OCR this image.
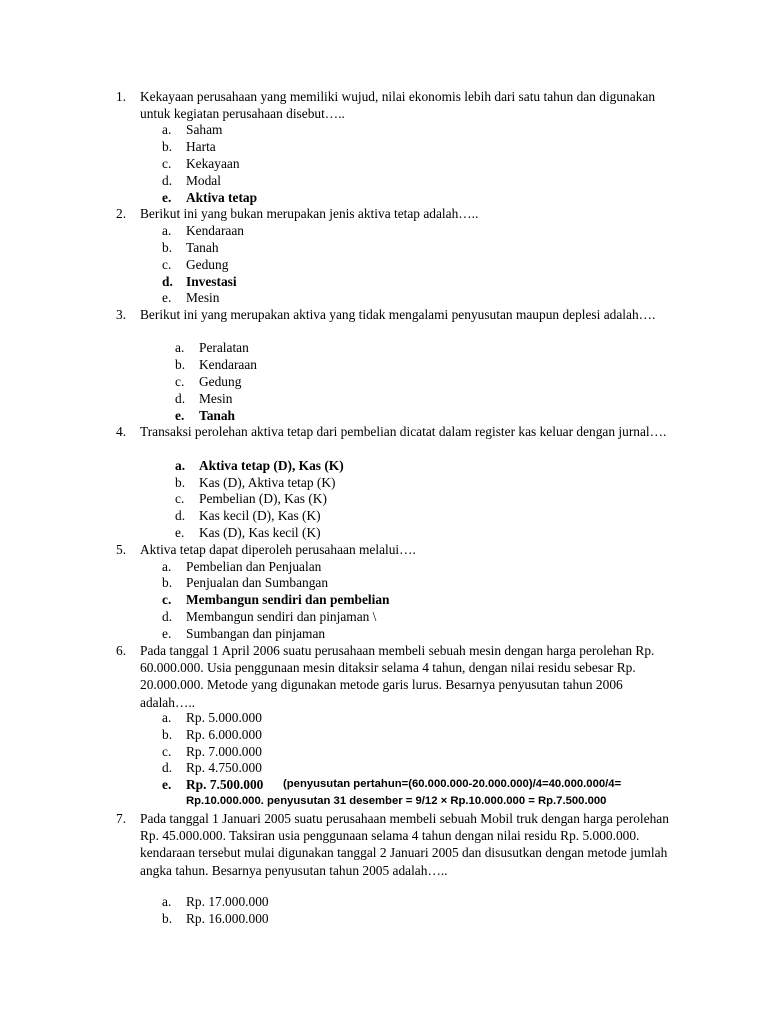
1. Kekayaan perusahaan yang memiliki wujud, nilai ekonomis lebih dari satu tahun dan digunakan untuk kegiatan perusahaan disebut…..
a. Saham
b. Harta
c. Kekayaan
d. Modal
e. Aktiva tetap
2. Berikut ini yang bukan merupakan jenis aktiva tetap adalah…..
a. Kendaraan
b. Tanah
c. Gedung
d. Investasi
e. Mesin
3. Berikut ini yang merupakan aktiva yang tidak mengalami penyusutan maupun deplesi adalah….
a. Peralatan
b. Kendaraan
c. Gedung
d. Mesin
e. Tanah
4. Transaksi perolehan aktiva tetap dari pembelian dicatat dalam register kas keluar dengan jurnal….
a. Aktiva tetap (D), Kas (K)
b. Kas (D), Aktiva tetap (K)
c. Pembelian (D), Kas (K)
d. Kas kecil (D), Kas (K)
e. Kas (D), Kas kecil (K)
5. Aktiva tetap dapat diperoleh perusahaan melalui….
a. Pembelian dan Penjualan
b. Penjualan dan Sumbangan
c. Membangun sendiri dan pembelian
d. Membangun sendiri dan pinjaman \
e. Sumbangan dan pinjaman
6. Pada tanggal 1 April 2006 suatu perusahaan membeli sebuah mesin dengan harga perolehan Rp. 60.000.000. Usia penggunaan mesin ditaksir selama 4 tahun, dengan nilai residu sebesar Rp. 20.000.000. Metode yang digunakan metode garis lurus. Besarnya penyusutan tahun 2006 adalah…..
a. Rp. 5.000.000
b. Rp. 6.000.000
c. Rp. 7.000.000
d. Rp. 4.750.000
e. Rp. 7.500.000 (penyusutan pertahun=(60.000.000-20.000.000)/4=40.000.000/4=
Rp.10.000.000. penyusutan 31 desember = 9/12 × Rp.10.000.000 = Rp.7.500.000
7. Pada tanggal 1 Januari 2005 suatu perusahaan membeli sebuah Mobil truk dengan harga perolehan Rp. 45.000.000. Taksiran usia penggunaan selama 4 tahun dengan nilai residu Rp. 5.000.000. kendaraan tersebut mulai digunakan tanggal 2 Januari 2005 dan disusutkan dengan metode jumlah angka tahun. Besarnya penyusutan tahun 2005 adalah…..
a. Rp. 17.000.000
b. Rp. 16.000.000
